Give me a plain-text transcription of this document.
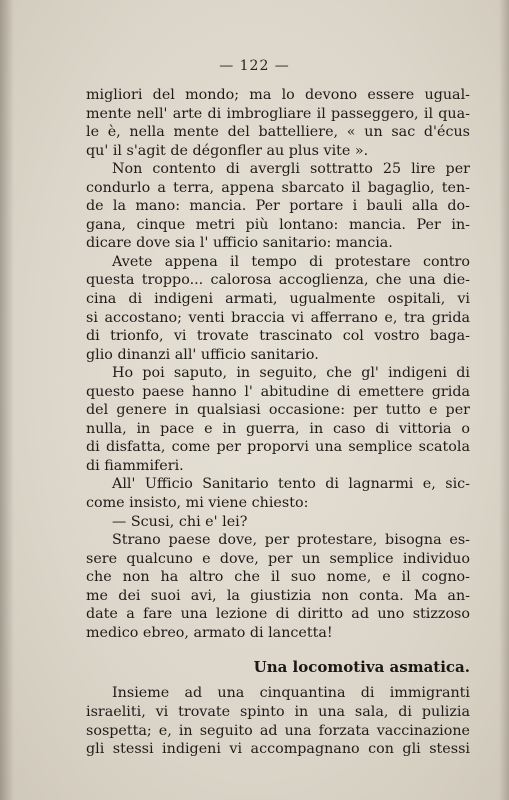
— 122 —
migliori del mondo; ma lo devono essere ugual-
mente nell' arte di imbrogliare il passeggero, il qua-
le è, nella mente del battelliere, « un sac d'écus
qu' il s'agit de dégonfler au plus vite ».
Non contento di avergli sottratto 25 lire per
condurlo a terra, appena sbarcato il bagaglio, ten-
de la mano: mancia. Per portare i bauli alla do-
gana, cinque metri più lontano: mancia. Per in-
dicare dove sia l' ufficio sanitario: mancia.
Avete appena il tempo di protestare contro
questa troppo... calorosa accoglienza, che una die-
cina di indigeni armati, ugualmente ospitali, vi
si accostano; venti braccia vi afferrano e, tra grida
di trionfo, vi trovate trascinato col vostro baga-
glio dinanzi all' ufficio sanitario.
Ho poi saputo, in seguito, che gl' indigeni di
questo paese hanno l' abitudine di emettere grida
del genere in qualsiasi occasione: per tutto e per
nulla, in pace e in guerra, in caso di vittoria o
di disfatta, come per proporvi una semplice scatola
di fiammiferi.
All' Ufficio Sanitario tento di lagnarmi e, sic-
come insisto, mi viene chiesto:
— Scusi, chi e' lei?
Strano paese dove, per protestare, bisogna es-
sere qualcuno e dove, per un semplice individuo
che non ha altro che il suo nome, e il cogno-
me dei suoi avi, la giustizia non conta. Ma an-
date a fare una lezione di diritto ad uno stizzoso
medico ebreo, armato di lancetta!
Una locomotiva asmatica.
Insieme ad una cinquantina di immigranti
israeliti, vi trovate spinto in una sala, di pulizia
sospetta; e, in seguito ad una forzata vaccinazione
gli stessi indigeni vi accompagnano con gli stessi
